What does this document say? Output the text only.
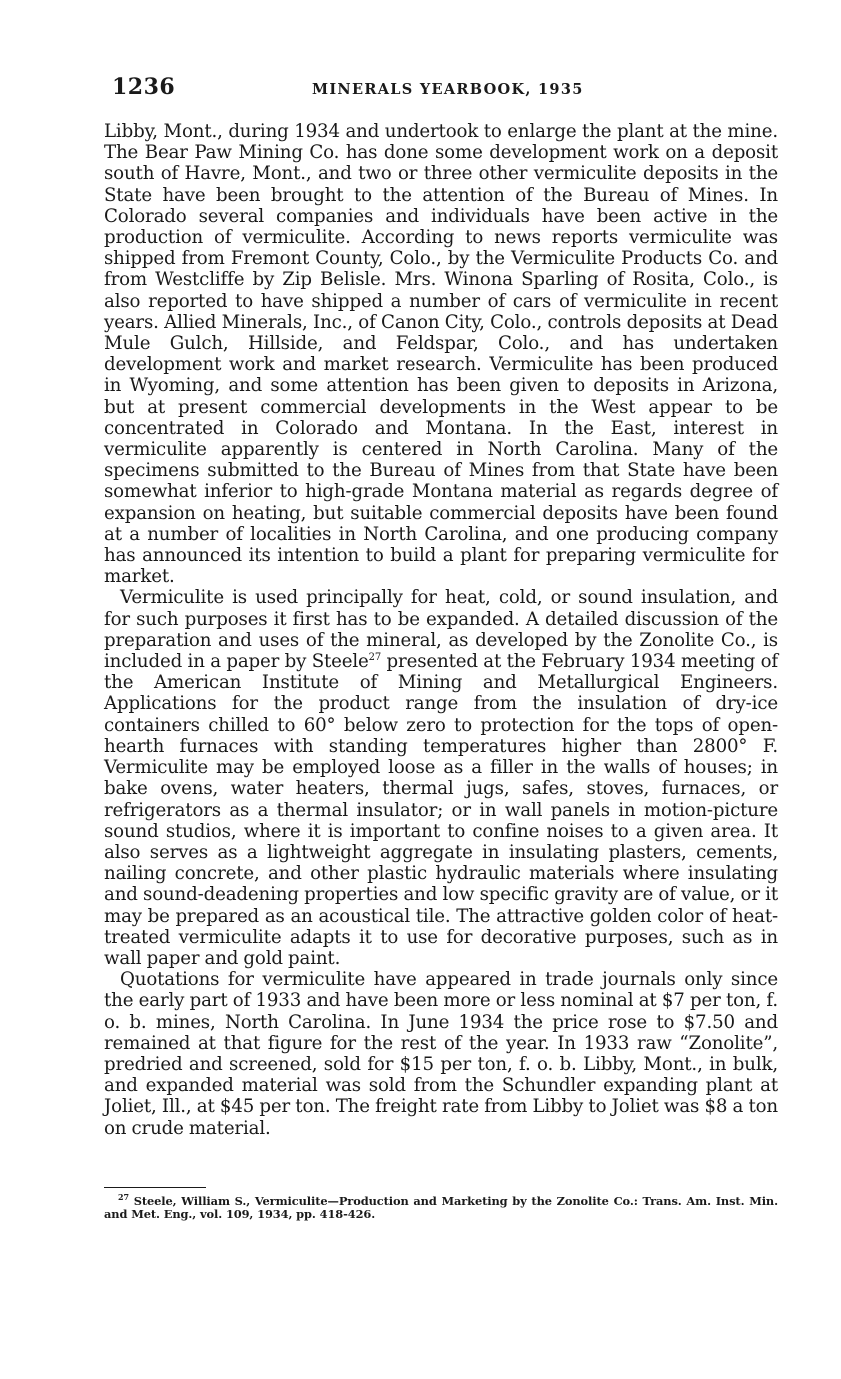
1236	MINERALS YEARBOOK, 1935

Libby, Mont., during 1934 and undertook to enlarge the plant at the mine. The Bear Paw Mining Co. has done some development work on a deposit south of Havre, Mont., and two or three other vermiculite deposits in the State have been brought to the attention of the Bureau of Mines. In Colorado several companies and individuals have been active in the production of vermiculite. According to news reports vermiculite was shipped from Fremont County, Colo., by the Vermiculite Products Co. and from Westcliffe by Zip Belisle. Mrs. Winona Sparling of Rosita, Colo., is also reported to have shipped a number of cars of vermiculite in recent years. Allied Minerals, Inc., of Canon City, Colo., controls deposits at Dead Mule Gulch, Hillside, and Feldspar, Colo., and has undertaken development work and market research. Vermiculite has been produced in Wyoming, and some attention has been given to deposits in Arizona, but at present commercial developments in the West appear to be concentrated in Colorado and Montana. In the East, interest in vermiculite apparently is centered in North Carolina. Many of the specimens submitted to the Bureau of Mines from that State have been somewhat inferior to high-grade Montana material as regards degree of expansion on heating, but suitable commercial deposits have been found at a number of localities in North Carolina, and one producing company has announced its intention to build a plant for preparing vermiculite for market.

Vermiculite is used principally for heat, cold, or sound insulation, and for such purposes it first has to be expanded. A detailed discussion of the preparation and uses of the mineral, as developed by the Zonolite Co., is included in a paper by Steele$^{27}$ presented at the February 1934 meeting of the American Institute of Mining and Metallurgical Engineers. Applications for the product range from the insulation of dry-ice containers chilled to 60° below zero to protection for the tops of open-hearth furnaces with standing temperatures higher than 2800° F. Vermiculite may be employed loose as a filler in the walls of houses; in bake ovens, water heaters, thermal jugs, safes, stoves, furnaces, or refrigerators as a thermal insulator; or in wall panels in motion-picture sound studios, where it is important to confine noises to a given area. It also serves as a lightweight aggregate in insulating plasters, cements, nailing concrete, and other plastic hydraulic materials where insulating and sound-deadening properties and low specific gravity are of value, or it may be prepared as an acoustical tile. The attractive golden color of heat-treated vermiculite adapts it to use for decorative purposes, such as in wall paper and gold paint.

Quotations for vermiculite have appeared in trade journals only since the early part of 1933 and have been more or less nominal at $7 per ton, f. o. b. mines, North Carolina. In June 1934 the price rose to $7.50 and remained at that figure for the rest of the year. In 1933 raw “Zonolite”, predried and screened, sold for $15 per ton, f. o. b. Libby, Mont., in bulk, and expanded material was sold from the Schundler expanding plant at Joliet, Ill., at $45 per ton. The freight rate from Libby to Joliet was $8 a ton on crude material.

$^{27}$ Steele, William S., Vermiculite—Production and Marketing by the Zonolite Co.: Trans. Am. Inst. Min. and Met. Eng., vol. 109, 1934, pp. 418-426.
